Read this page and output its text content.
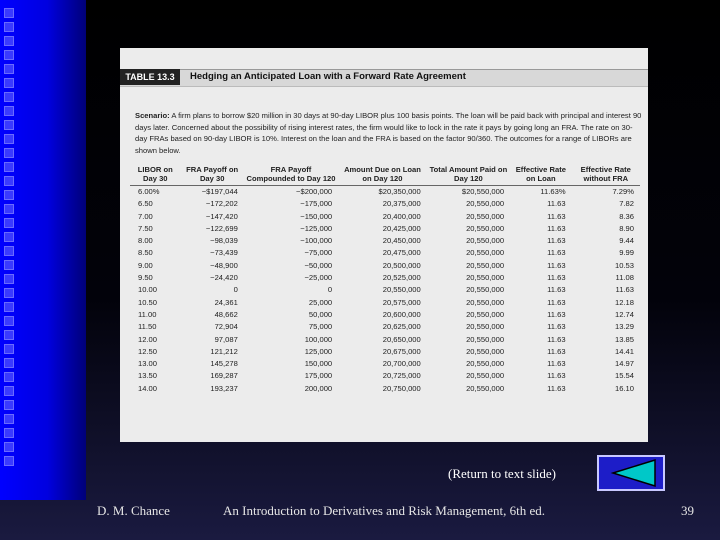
TABLE 13.3	Hedging an Anticipated Loan with a Forward Rate Agreement
Scenario: A firm plans to borrow $20 million in 30 days at 90-day LIBOR plus 100 basis points. The loan will be paid back with principal and interest 90 days later. Concerned about the possibility of rising interest rates, the firm would like to lock in the rate it pays by going long an FRA. The rate on 30-day FRAs based on 90-day LIBOR is 10%. Interest on the loan and the FRA is based on the factor 90/360. The outcomes for a range of LIBORs are shown below.
LIBOR on Day 30	FRA Payoff on Day 30	FRA Payoff Compounded to Day 120	Amount Due on Loan on Day 120	Total Amount Paid on Day 120	Effective Rate on Loan	Effective Rate without FRA
6.00%	−$197,044	−$200,000	$20,350,000	$20,550,000	11.63%	7.29%
6.50	−172,202	−175,000	20,375,000	20,550,000	11.63	7.82
7.00	−147,420	−150,000	20,400,000	20,550,000	11.63	8.36
7.50	−122,699	−125,000	20,425,000	20,550,000	11.63	8.90
8.00	−98,039	−100,000	20,450,000	20,550,000	11.63	9.44
8.50	−73,439	−75,000	20,475,000	20,550,000	11.63	9.99
9.00	−48,900	−50,000	20,500,000	20,550,000	11.63	10.53
9.50	−24,420	−25,000	20,525,000	20,550,000	11.63	11.08
10.00	0	0	20,550,000	20,550,000	11.63	11.63
10.50	24,361	25,000	20,575,000	20,550,000	11.63	12.18
11.00	48,662	50,000	20,600,000	20,550,000	11.63	12.74
11.50	72,904	75,000	20,625,000	20,550,000	11.63	13.29
12.00	97,087	100,000	20,650,000	20,550,000	11.63	13.85
12.50	121,212	125,000	20,675,000	20,550,000	11.63	14.41
13.00	145,278	150,000	20,700,000	20,550,000	11.63	14.97
13.50	169,287	175,000	20,725,000	20,550,000	11.63	15.54
14.00	193,237	200,000	20,750,000	20,550,000	11.63	16.10
(Return to text slide)
D. M. Chance	An Introduction to Derivatives and Risk Management, 6th ed.	39
